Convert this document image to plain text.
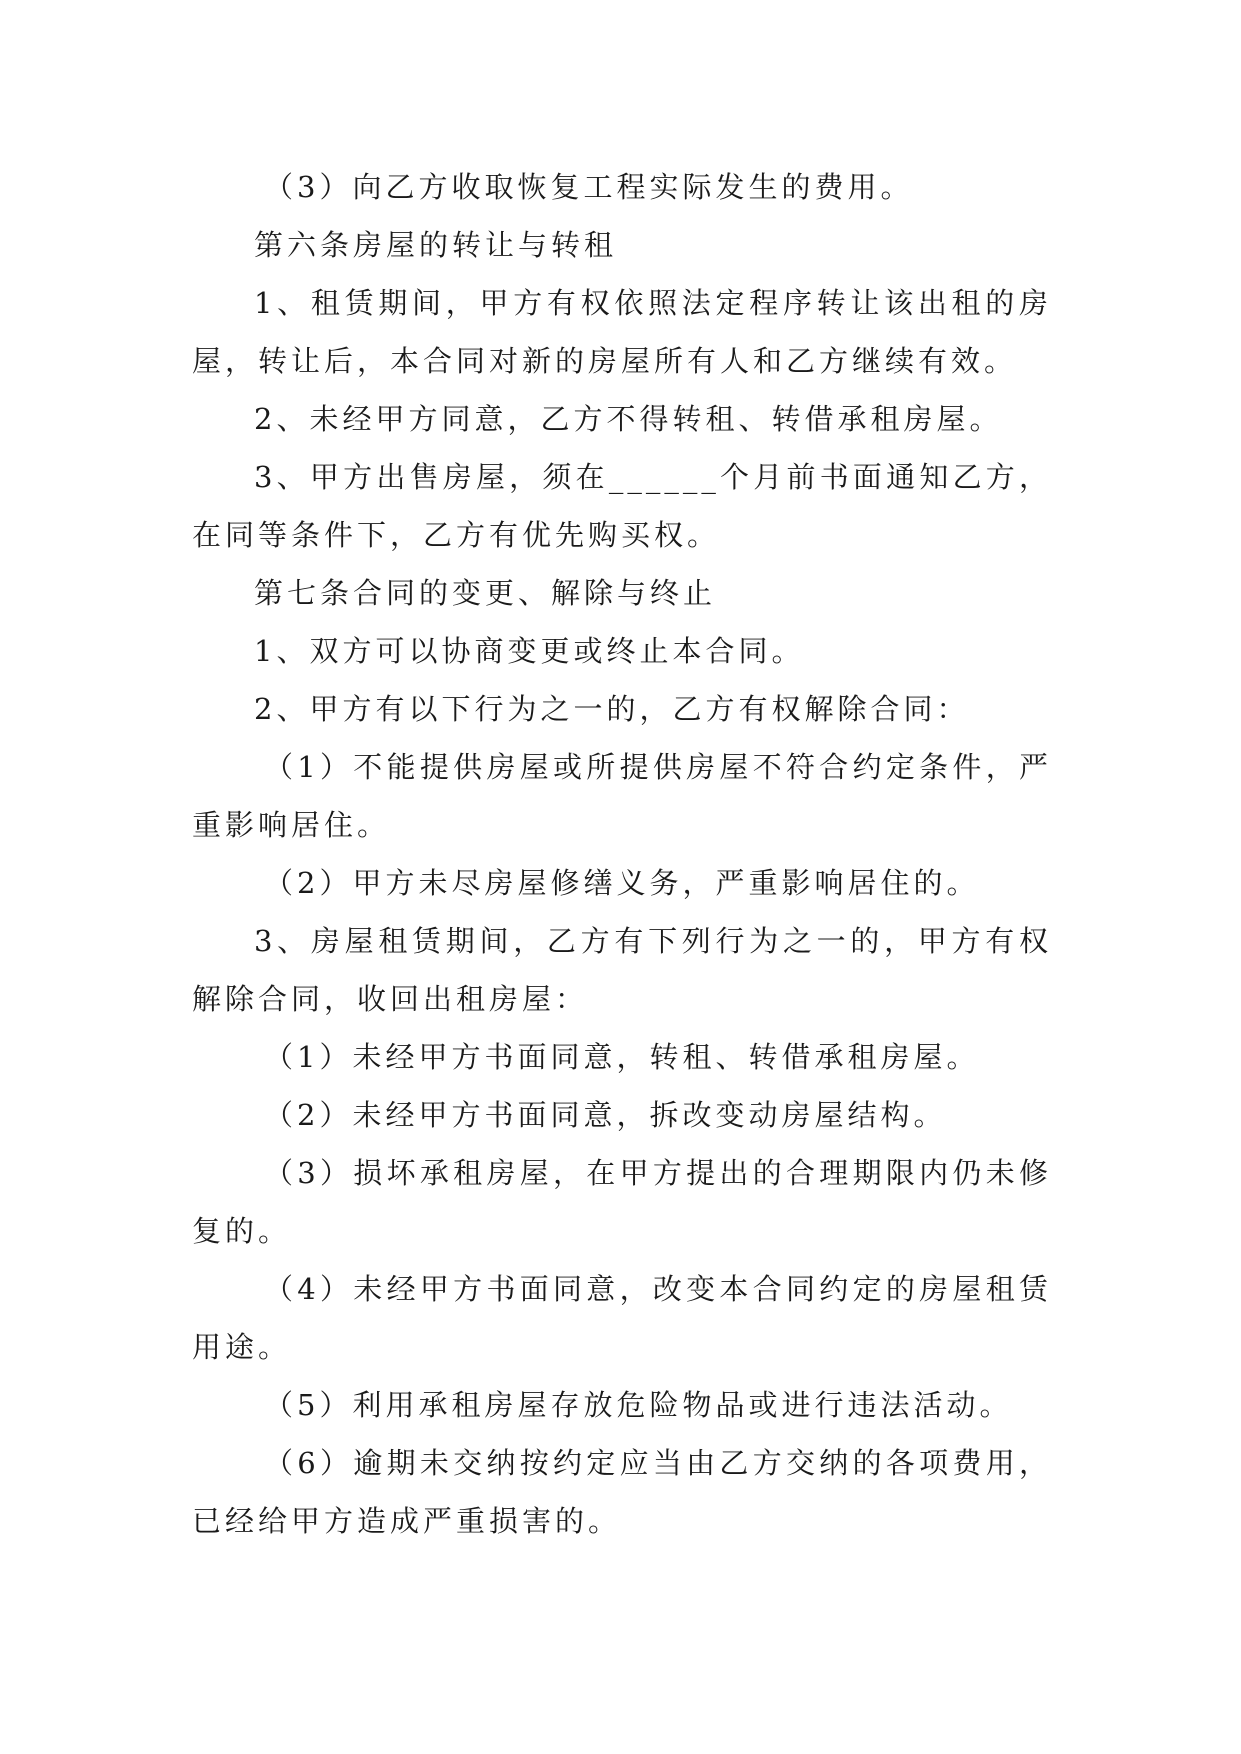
（3）向乙方收取恢复工程实际发生的费用。

第六条房屋的转让与转租

1、租赁期间，甲方有权依照法定程序转让该出租的房屋，转让后，本合同对新的房屋所有人和乙方继续有效。

2、未经甲方同意，乙方不得转租、转借承租房屋。

3、甲方出售房屋，须在______个月前书面通知乙方，在同等条件下，乙方有优先购买权。

第七条合同的变更、解除与终止

1、双方可以协商变更或终止本合同。

2、甲方有以下行为之一的，乙方有权解除合同：

（1）不能提供房屋或所提供房屋不符合约定条件，严重影响居住。

（2）甲方未尽房屋修缮义务，严重影响居住的。

3、房屋租赁期间，乙方有下列行为之一的，甲方有权解除合同，收回出租房屋：

（1）未经甲方书面同意，转租、转借承租房屋。

（2）未经甲方书面同意，拆改变动房屋结构。

（3）损坏承租房屋，在甲方提出的合理期限内仍未修复的。

（4）未经甲方书面同意，改变本合同约定的房屋租赁用途。

（5）利用承租房屋存放危险物品或进行违法活动。

（6）逾期未交纳按约定应当由乙方交纳的各项费用，已经给甲方造成严重损害的。
